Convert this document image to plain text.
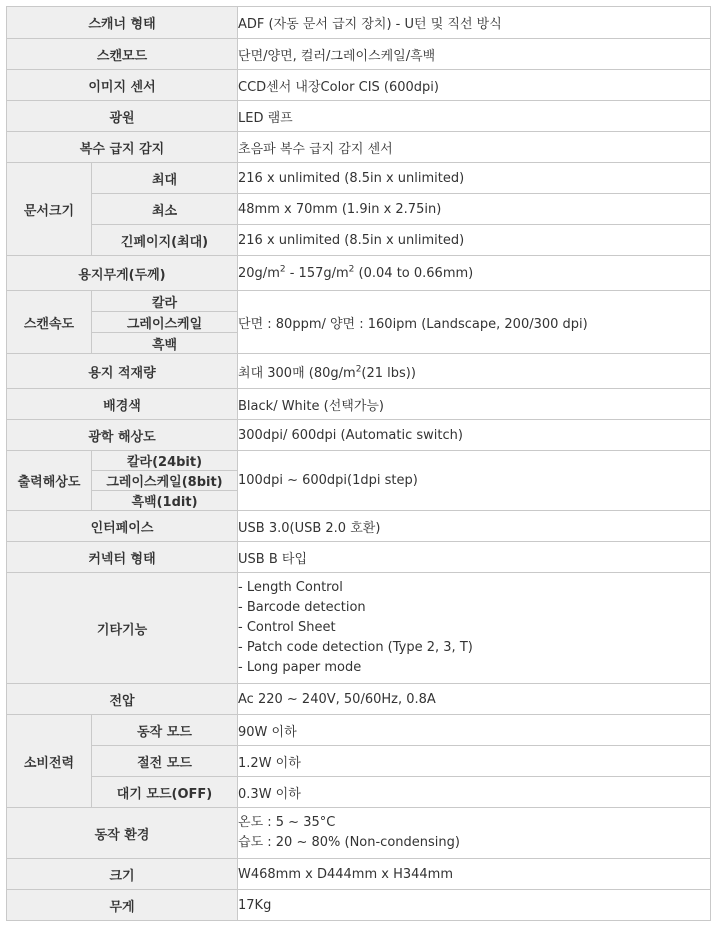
스캐너 형태		ADF (자동 문서 급지 장치) - U턴 및 직선 방식
스캔모드		단면/양면, 컬러/그레이스케일/흑백
이미지 센서		CCD센서 내장Color CIS (600dpi)
광원		LED 램프
복수 급지 감지		초음파 복수 급지 감지 센서
문서크기	최대	216 x unlimited (8.5in x unlimited)
	최소	48mm x 70mm (1.9in x 2.75in)
	긴페이지(최대)	216 x unlimited (8.5in x unlimited)
용지무게(두께)		$20g/m^2 - 157g/m^2$ (0.04 to 0.66mm)
스캔속도	칼라	단면 : 80ppm/ 양면 : 160ipm (Landscape, 200/300 dpi)
	그레이스케일	
	흑백	
용지 적재량		최대 300매 ($80g/m^2(21$ lbs))
배경색		Black/ White (선택가능)
광학 해상도		300dpi/ 600dpi (Automatic switch)
출력해상도	칼라(24bit)	100dpi ~ 600dpi(1dpi step)
	그레이스케일(8bit)	
	흑백(1dit)	
인터페이스		USB 3.0(USB 2.0 호환)
커넥터 형태		USB B 타입
기타기능		- Length Control
- Barcode detection
- Control Sheet
- Patch code detection (Type 2, 3, T)
- Long paper mode

전압		Ac 220 ~ 240V, 50/60Hz, 0.8A
소비전력	동작 모드	90W 이하
	절전 모드	1.2W 이하
	대기 모드(OFF)	0.3W 이하
동작 환경		온도 : 5 ~ 35°C
습도 : 20 ~ 80% (Non-condensing)

크기		W468mm x D444mm x H344mm
무게		17Kg
